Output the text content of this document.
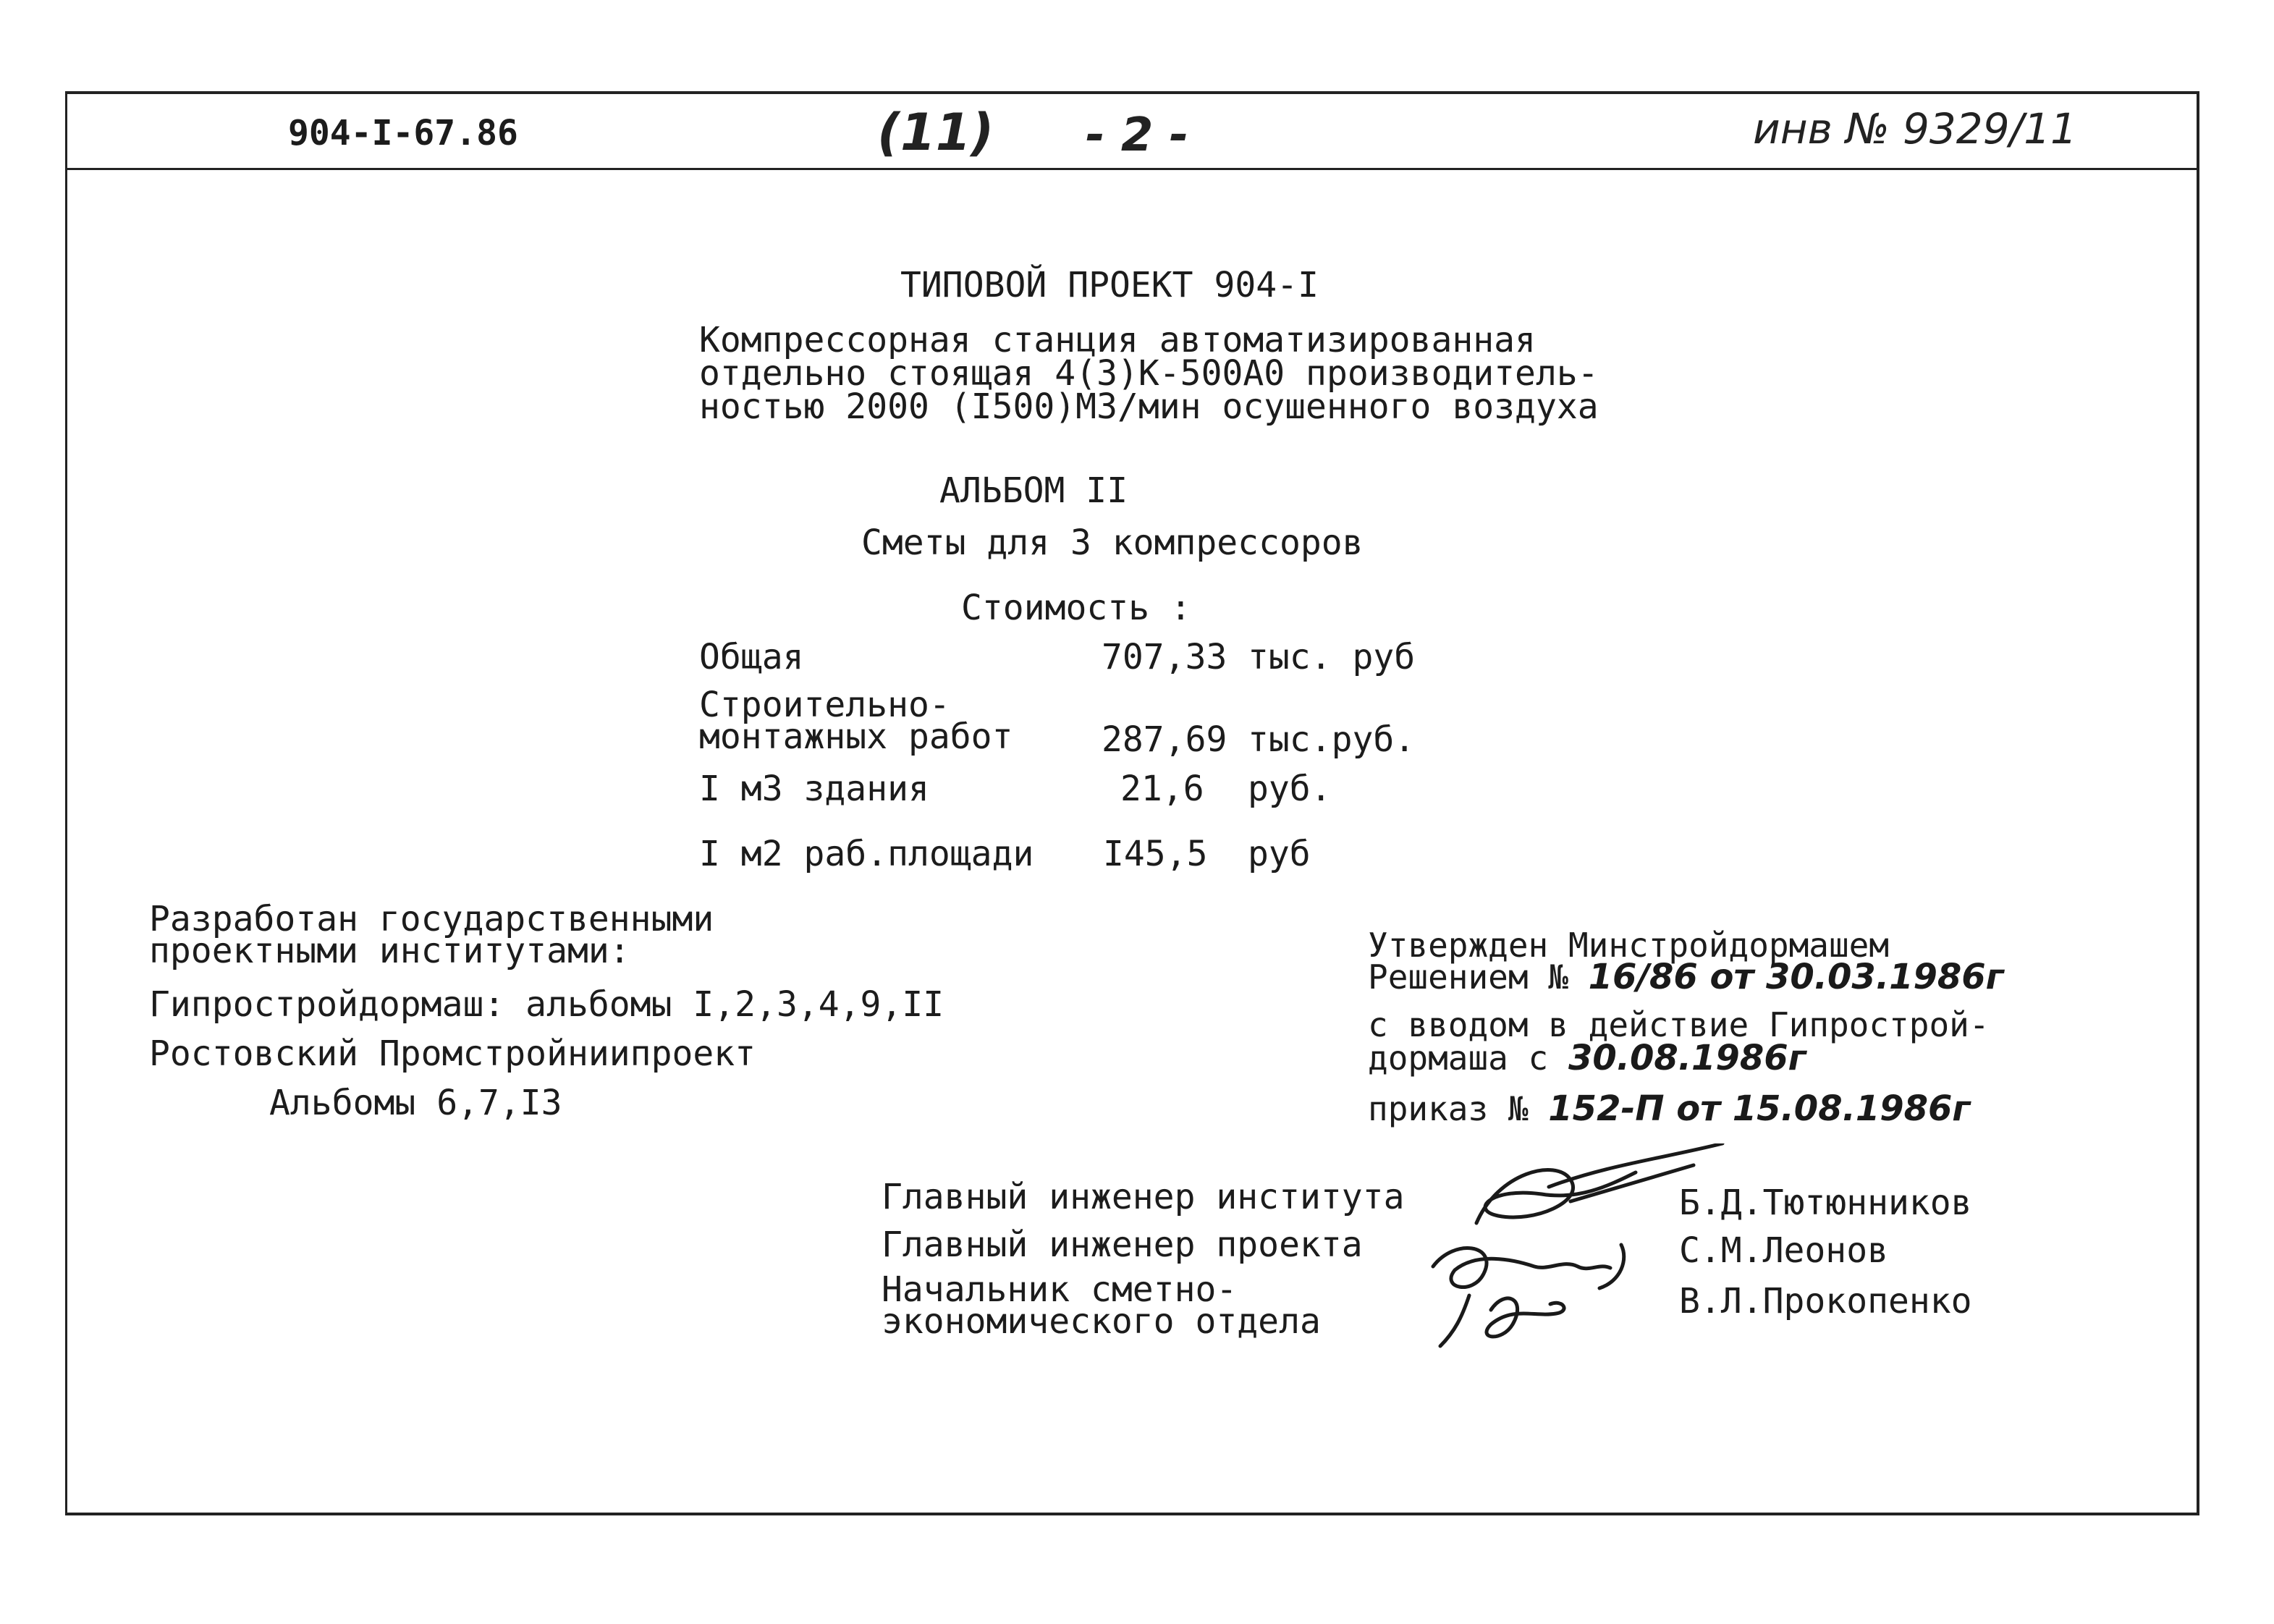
904-I-67.86	(11) - 2 -	инв № 9329/11
ТИПОВОЙ ПРОЕКТ 904-I
Компрессорная станция автоматизированная
отдельно стоящая 4(3)К-500А0 производитель-
ностью 2000 (I500)М3/мин осушенного воздуха
АЛЬБОМ II
Сметы для 3 компрессоров
Стоимость :
Общая	707,33 тыс. руб
Строительно-
монтажных работ	287,69 тыс.руб.
I м3 здания	21,6 руб.
I м2 раб.площади I45,5 руб
Разработан государственными
проектными институтами:
Гипростройдормаш: альбомы I,2,3,4,9,II
Ростовский Промстройниипроект
Альбомы 6,7,I3
Утвержден Минстройдормашем
Решением № 16/86 от 30.03.1986г
с вводом в действие Гипрострой-
дормаша с 30.08.1986г
приказ № 152-П от 15.08.1986г
Главный инженер института	Б.Д.Тютюнников
Главный инженер проекта	С.М.Леонов
Начальник сметно-
экономического отдела	В.Л.Прокопенко
